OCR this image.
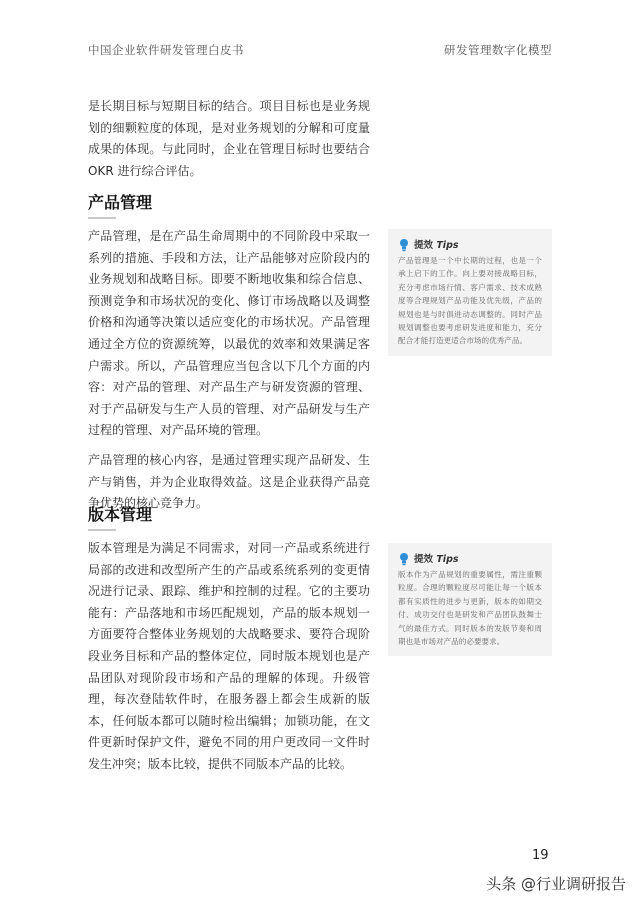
中国企业软件研发管理白皮书	研发管理数字化模型

是长期目标与短期目标的结合。项目目标也是业务规划的细颗粒度的体现，是对业务规划的分解和可度量成果的体现。与此同时，企业在管理目标时也要结合 OKR 进行综合评估。

产品管理

产品管理，是在产品生命周期中的不同阶段中采取一系列的措施、手段和方法，让产品能够对应阶段内的业务规划和战略目标。即要不断地收集和综合信息、预测竞争和市场状况的变化、修订市场战略以及调整价格和沟通等决策以适应变化的市场状况。产品管理通过全方位的资源统筹，以最优的效率和效果满足客户需求。所以，产品管理应当包含以下几个方面的内容：对产品的管理、对产品生产与研发资源的管理、对于产品研发与生产人员的管理、对产品研发与生产过程的管理、对产品环境的管理。

产品管理的核心内容，是通过管理实现产品研发、生产与销售，并为企业取得效益。这是企业获得产品竞争优势的核心竞争力。

提效 Tips

产品管理是一个中长期的过程，也是一个承上启下的工作。向上要对接战略目标，充分考虑市场行情、客户需求、技术成熟度等合理规划产品功能及优先级，产品的规划也是与时俱进动态调整的。同时产品规划调整也要考虑研发进度和能力，充分配合才能打造更适合市场的优秀产品。

版本管理

版本管理是为满足不同需求，对同一产品或系统进行局部的改进和改型所产生的产品或系统系列的变更情况进行记录、跟踪、维护和控制的过程。它的主要功能有：产品落地和市场匹配规划，产品的版本规划一方面要符合整体业务规划的大战略要求、要符合现阶段业务目标和产品的整体定位，同时版本规划也是产品团队对现阶段市场和产品的理解的体现。升级管理，每次登陆软件时，在服务器上都会生成新的版本，任何版本都可以随时检出编辑；加锁功能，在文件更新时保护文件，避免不同的用户更改同一文件时发生冲突；版本比较，提供不同版本产品的比较。

提效 Tips

版本作为产品规划的重要属性，需注重颗粒度。合理的颗粒度尽可能让每一个版本都有实质性的进步与更新，版本的如期交付、成功交付也是研发和产品团队鼓舞士气的最佳方式。同时版本的发版节奏和周期也是市场对产品的必要要求。

19
头条 @行业调研报告
